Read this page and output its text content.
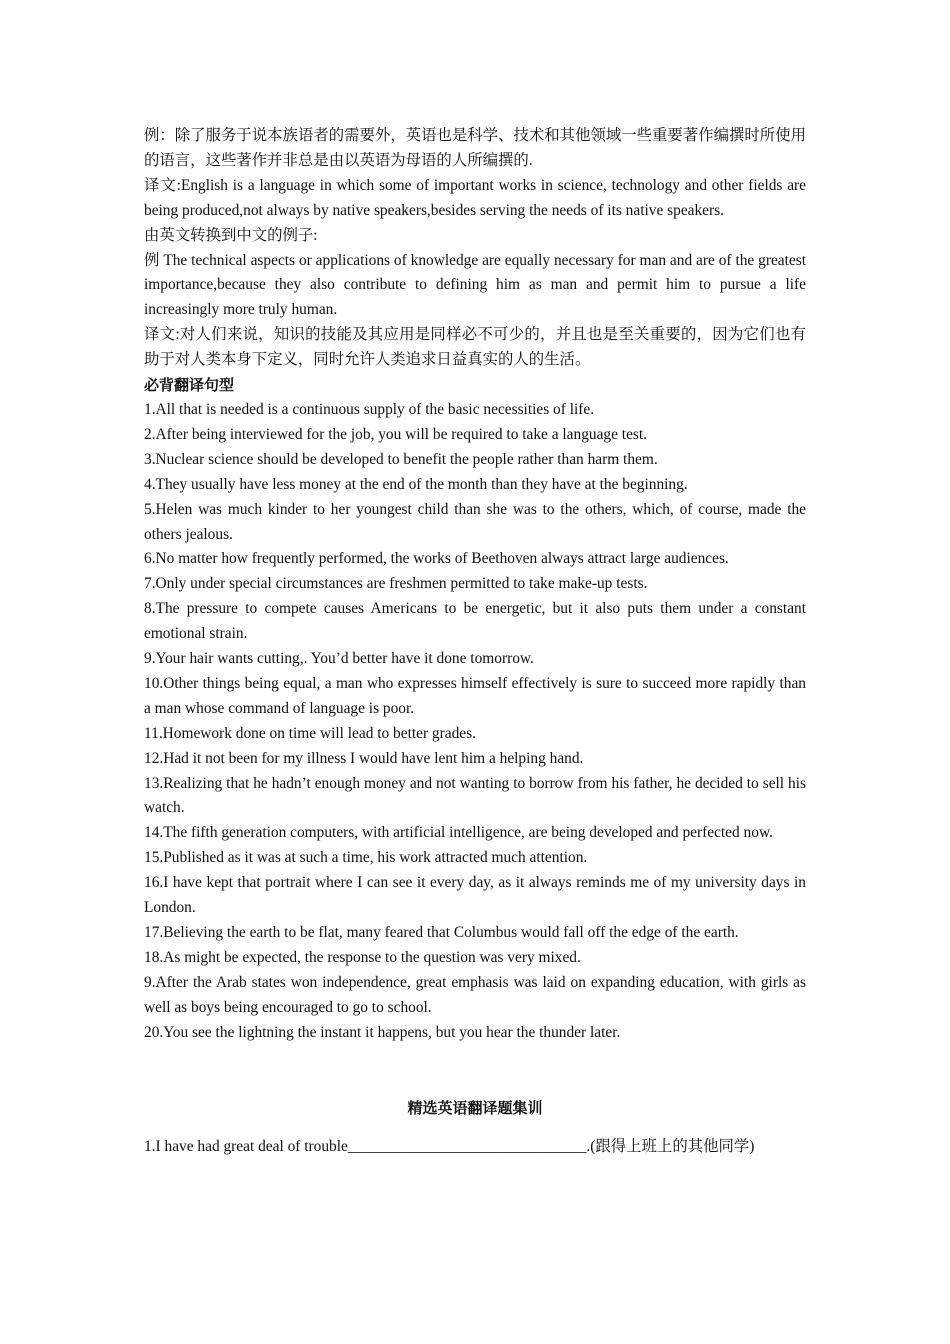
例：除了服务于说本族语者的需要外，英语也是科学、技术和其他领域一些重要著作编撰时所使用的语言，这些著作并非总是由以英语为母语的人所编撰的.

译文:English is a language in which some of important works in science, technology and other fields are being produced,not always by native speakers,besides serving the needs of its native speakers.

由英文转换到中文的例子:

例 The technical aspects or applications of knowledge are equally necessary for man and are of the greatest importance,because they also contribute to defining him as man and permit him to pursue a life increasingly more truly human.

译文:对人们来说，知识的技能及其应用是同样必不可少的，并且也是至关重要的，因为它们也有助于对人类本身下定义，同时允许人类追求日益真实的人的生活。

必背翻译句型

1.All that is needed is a continuous supply of the basic necessities of life.
2.After being interviewed for the job, you will be required to take a language test.
3.Nuclear science should be developed to benefit the people rather than harm them.
4.They usually have less money at the end of the month than they have at the beginning.
5.Helen was much kinder to her youngest child than she was to the others, which, of course, made the others jealous.
6.No matter how frequently performed, the works of Beethoven always attract large audiences.
7.Only under special circumstances are freshmen permitted to take make-up tests.
8.The pressure to compete causes Americans to be energetic, but it also puts them under a constant emotional strain.
9.Your hair wants cutting,. You’d better have it done tomorrow.
10.Other things being equal, a man who expresses himself effectively is sure to succeed more rapidly than a man whose command of language is poor.
11.Homework done on time will lead to better grades.
12.Had it not been for my illness I would have lent him a helping hand.
13.Realizing that he hadn’t enough money and not wanting to borrow from his father, he decided to sell his watch.
14.The fifth generation computers, with artificial intelligence, are being developed and perfected now.
15.Published as it was at such a time, his work attracted much attention.
16.I have kept that portrait where I can see it every day, as it always reminds me of my university days in London.
17.Believing the earth to be flat, many feared that Columbus would fall off the edge of the earth.
18.As might be expected, the response to the question was very mixed.
9.After the Arab states won independence, great emphasis was laid on expanding education, with girls as well as boys being encouraged to go to school.
20.You see the lightning the instant it happens, but you hear the thunder later.

精选英语翻译题集训

1.I have had great deal of trouble_______________________________.(跟得上班上的其他同学)
